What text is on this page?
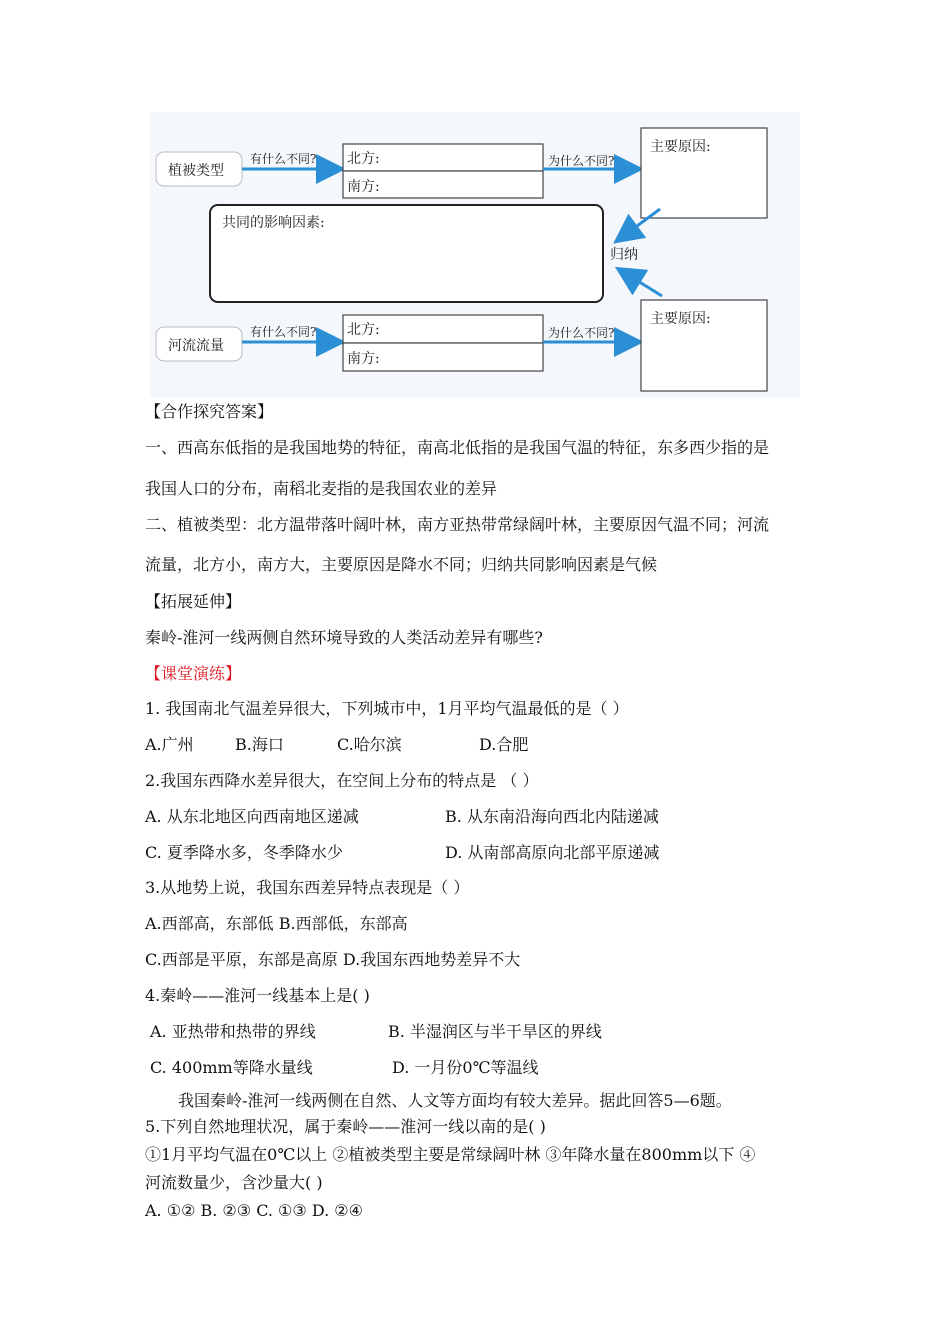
植被类型
有什么不同? 北方:
南方:
为什么不同?
主要原因:
共同的影响因素:
归纳
河流流量
有什么不同? 北方:
南方:
为什么不同?
主要原因:
【合作探究答案】
一、西高东低指的是我国地势的特征，南高北低指的是我国气温的特征，东多西少指的是
我国人口的分布，南稻北麦指的是我国农业的差异
二、植被类型：北方温带落叶阔叶林，南方亚热带常绿阔叶林，主要原因气温不同；河流
流量，北方小，南方大，主要原因是降水不同；归纳共同影响因素是气候
【拓展延伸】
秦岭-淮河一线两侧自然环境导致的人类活动差异有哪些?
【课堂演练】
1. 我国南北气温差异很大，下列城市中，1月平均气温最低的是（ ）
A.广州	B.海口	C.哈尔滨	D.合肥
2.我国东西降水差异很大，在空间上分布的特点是 （ ）
A. 从东北地区向西南地区递减	B. 从东南沿海向西北内陆递减
C. 夏季降水多，冬季降水少	D. 从南部高原向北部平原递减
3.从地势上说，我国东西差异特点表现是（ ）
A.西部高，东部低 B.西部低，东部高
C.西部是平原，东部是高原 D.我国东西地势差异不大
4.秦岭——淮河一线基本上是( )
A. 亚热带和热带的界线	B. 半湿润区与半干旱区的界线
C. 400mm等降水量线	D. 一月份0℃等温线
我国秦岭-淮河一线两侧在自然、人文等方面均有较大差异。据此回答5—6题。
5.下列自然地理状况，属于秦岭——淮河一线以南的是( )
①1月平均气温在0℃以上 ②植被类型主要是常绿阔叶林 ③年降水量在800mm以下 ④
河流数量少，含沙量大( )
A. ①② B. ②③ C. ①③ D. ②④
